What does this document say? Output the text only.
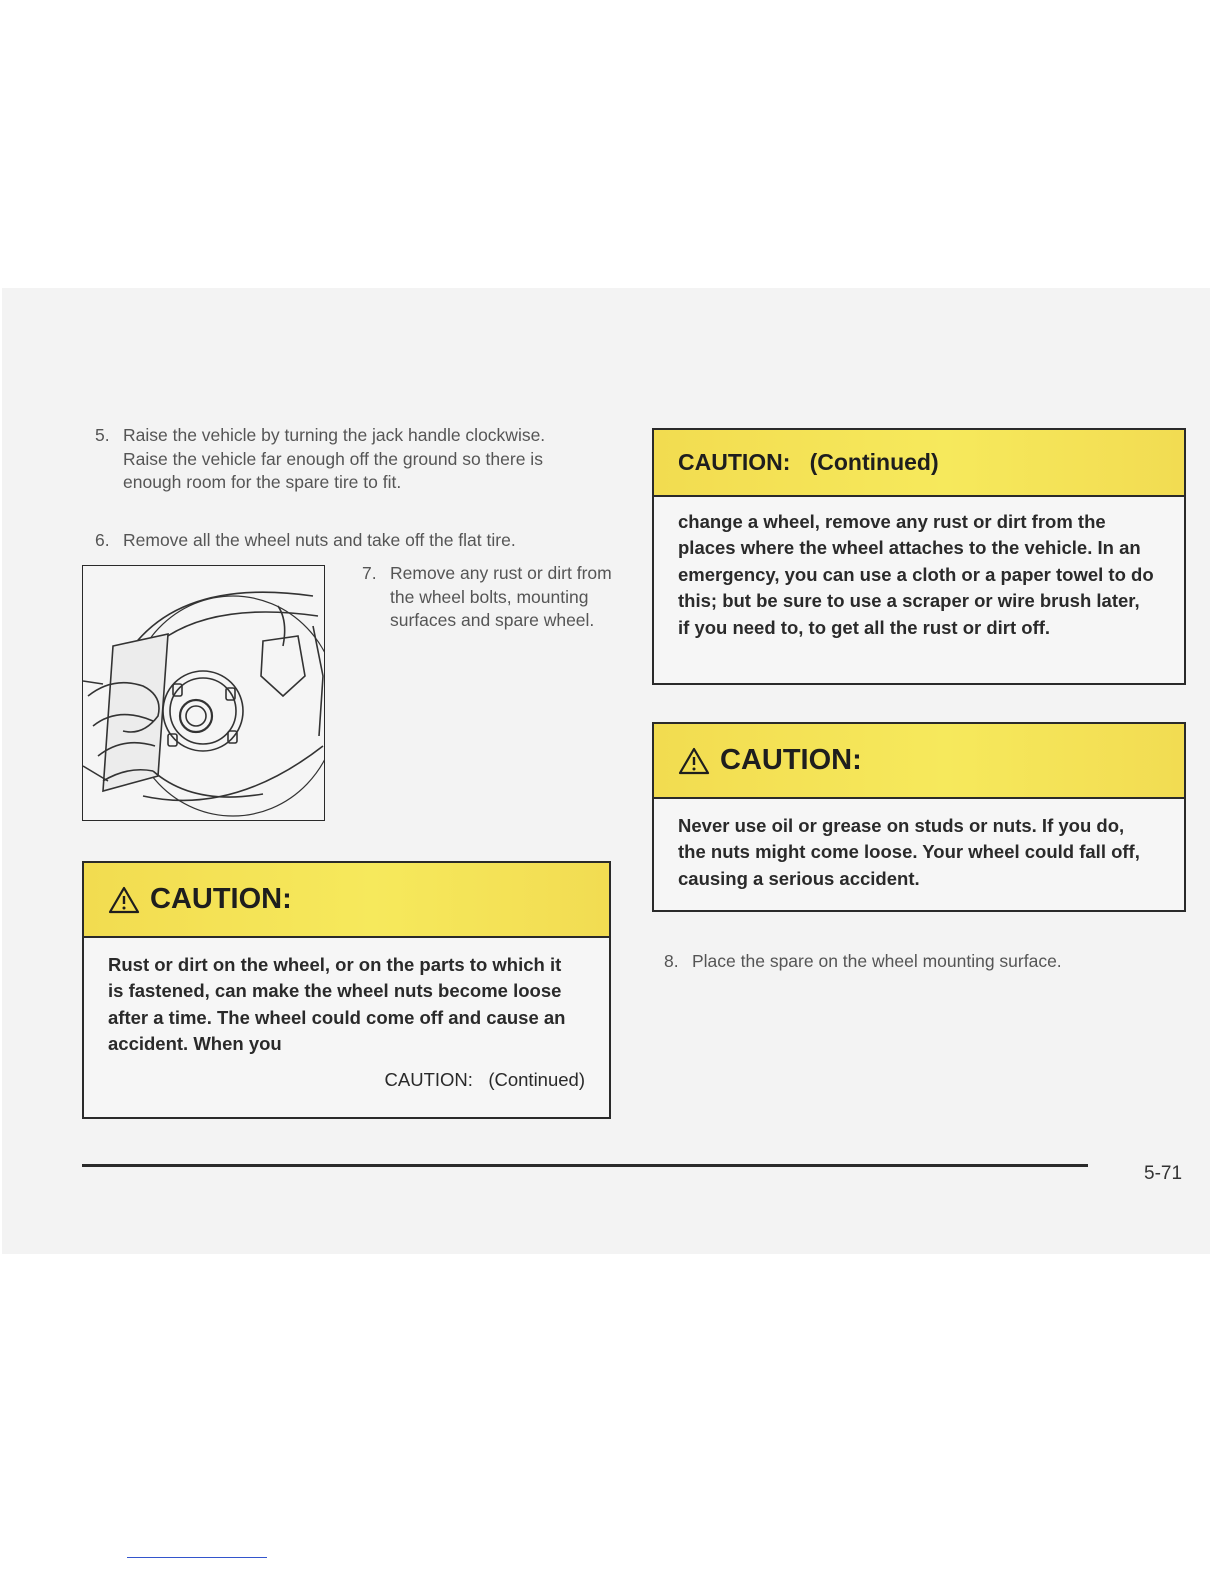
5. Raise the vehicle by turning the jack handle clockwise. Raise the vehicle far enough off the ground so there is enough room for the spare tire to fit.
6. Remove all the wheel nuts and take off the flat tire.
7. Remove any rust or dirt from the wheel bolts, mounting surfaces and spare wheel.
CAUTION:
Rust or dirt on the wheel, or on the parts to which it is fastened, can make the wheel nuts become loose after a time. The wheel could come off and cause an accident. When you
CAUTION:   (Continued)
CAUTION:   (Continued)
change a wheel, remove any rust or dirt from the places where the wheel attaches to the vehicle. In an emergency, you can use a cloth or a paper towel to do this; but be sure to use a scraper or wire brush later, if you need to, to get all the rust or dirt off.
CAUTION:
Never use oil or grease on studs or nuts. If you do, the nuts might come loose. Your wheel could fall off, causing a serious accident.
8. Place the spare on the wheel mounting surface.
5-71
